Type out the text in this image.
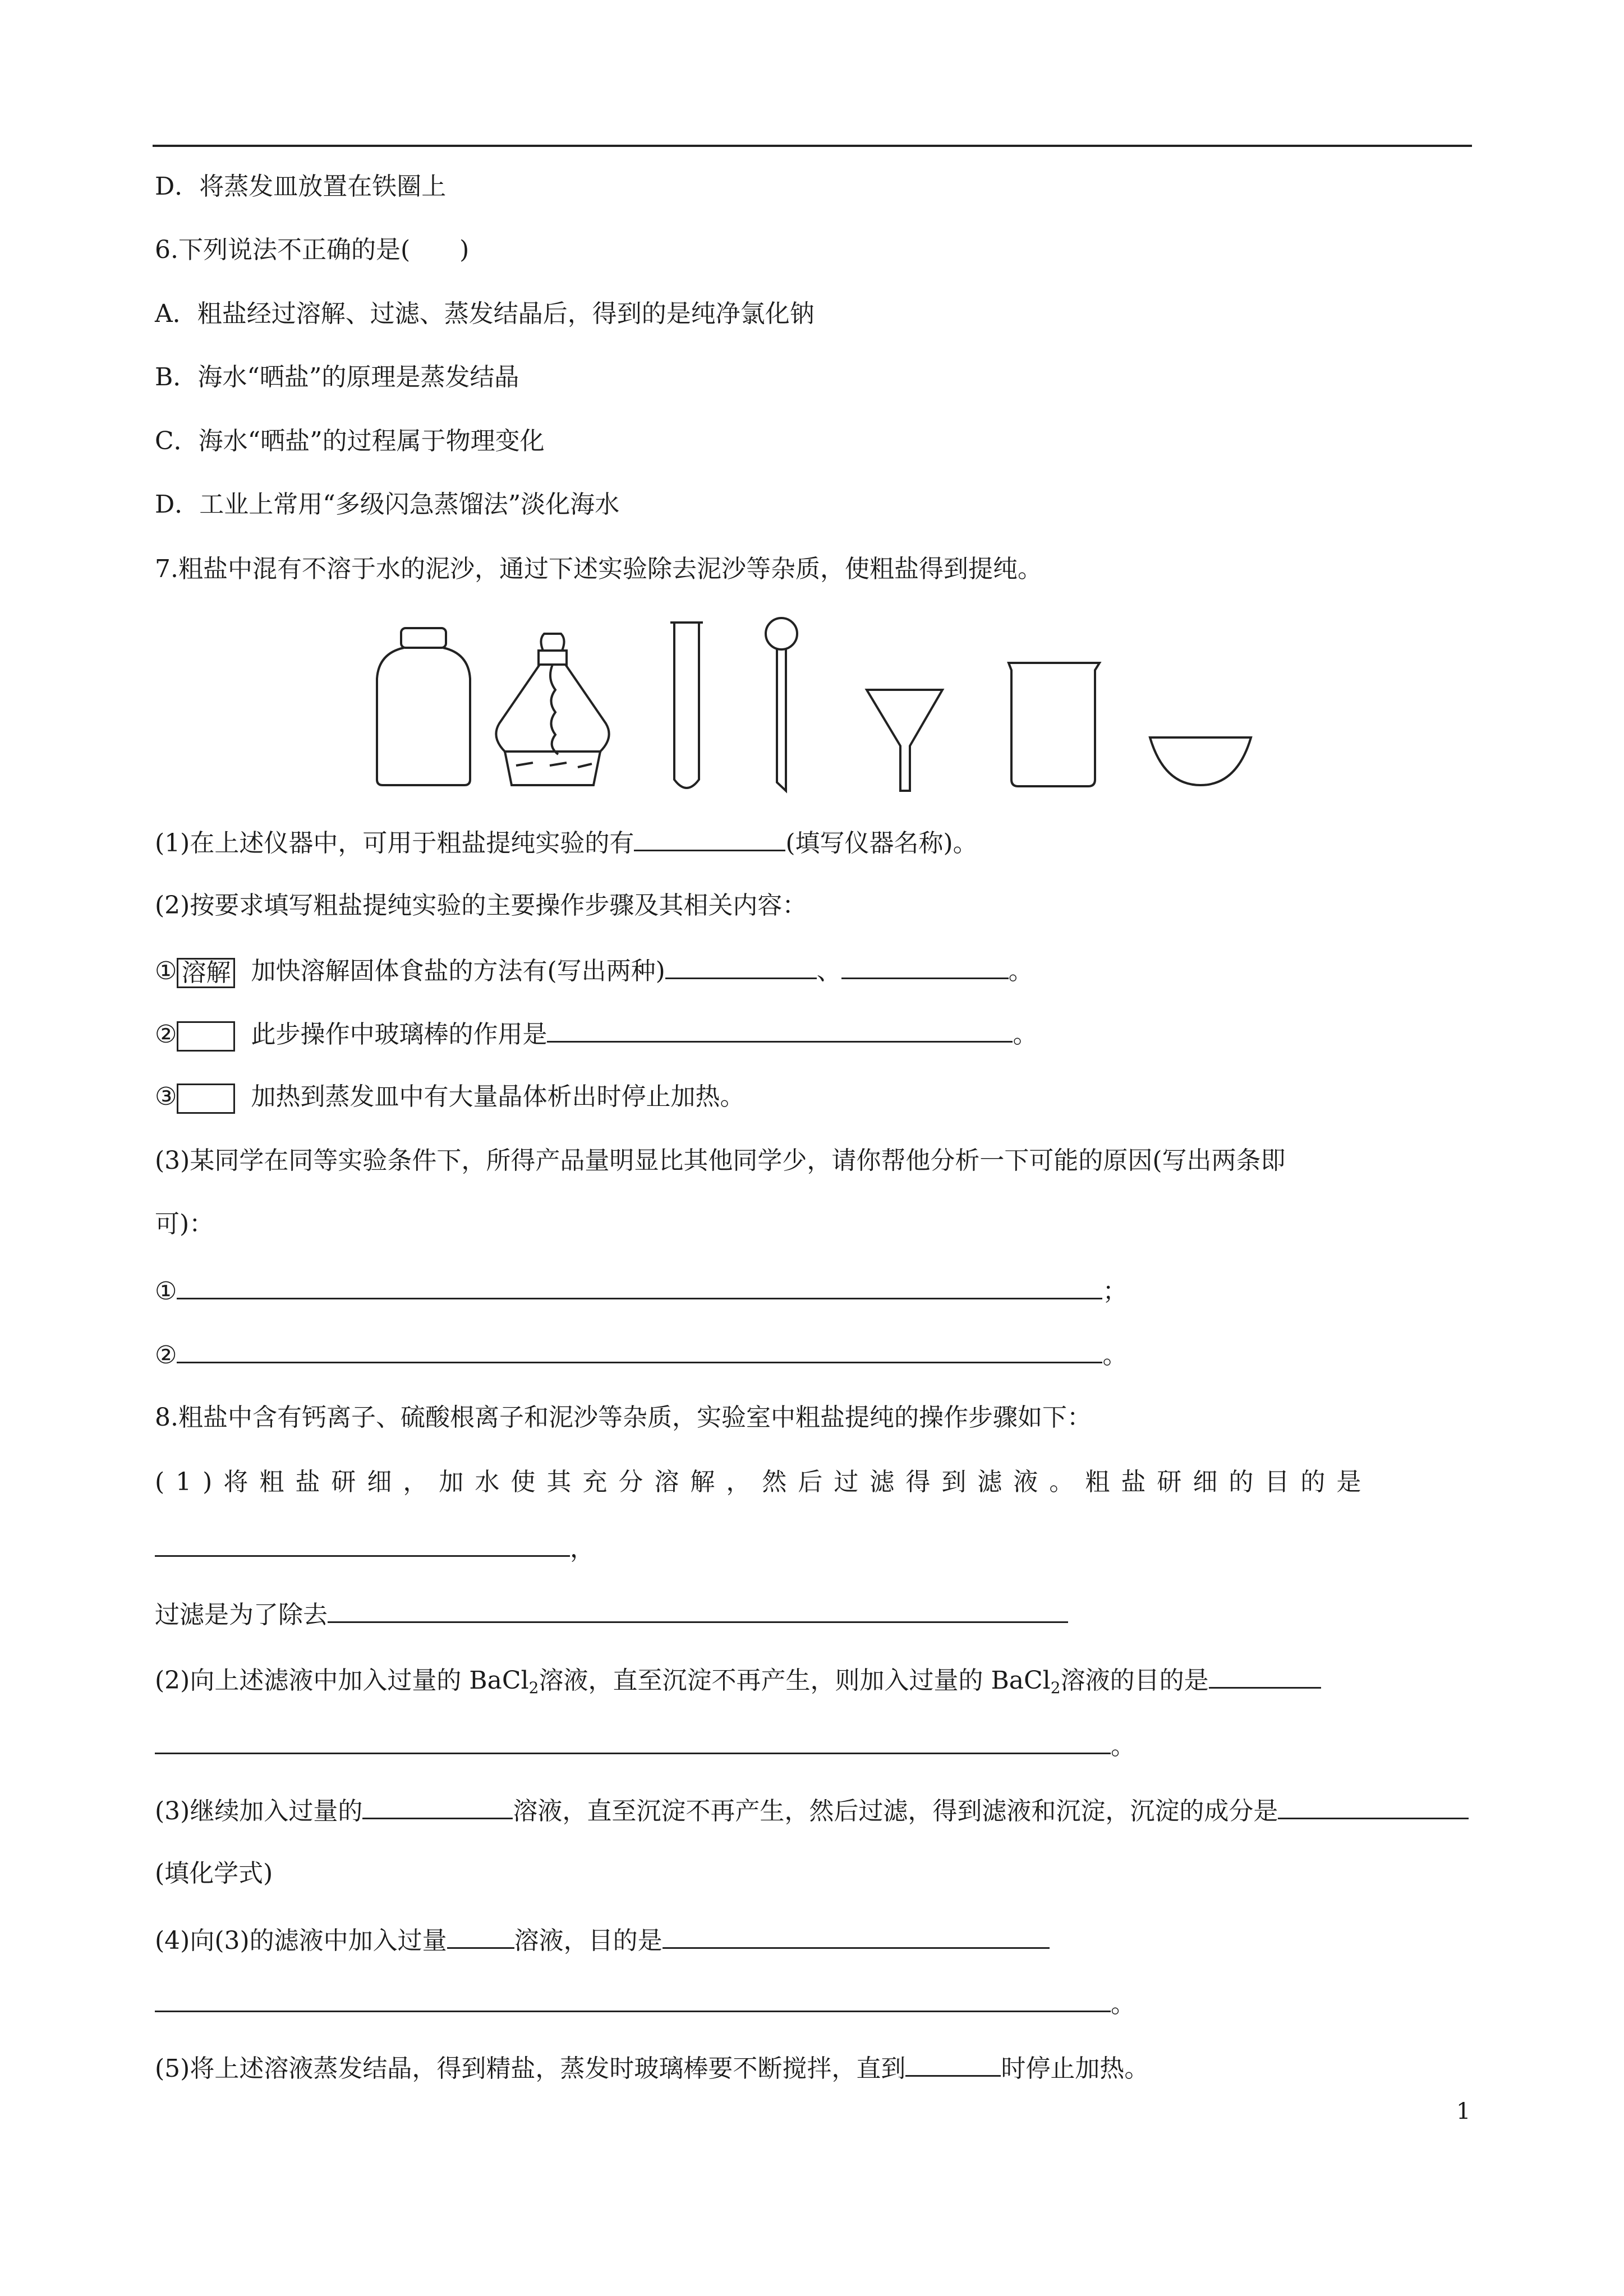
D．将蒸发皿放置在铁圈上
6.下列说法不正确的是(　　)
A．粗盐经过溶解、过滤、蒸发结晶后，得到的是纯净氯化钠
B．海水“晒盐”的原理是蒸发结晶
C．海水“晒盐”的过程属于物理变化
D．工业上常用“多级闪急蒸馏法”淡化海水
7.粗盐中混有不溶于水的泥沙，通过下述实验除去泥沙等杂质，使粗盐得到提纯。
(1)在上述仪器中，可用于粗盐提纯实验的有	(填写仪器名称)。
(2)按要求填写粗盐提纯实验的主要操作步骤及其相关内容：
① 溶解 加快溶解固体食盐的方法有(写出两种)	、	。
②	此步操作中玻璃棒的作用是	。
③	加热到蒸发皿中有大量晶体析出时停止加热。
(3)某同学在同等实验条件下，所得产品量明显比其他同学少，请你帮他分析一下可能的原因(写出两条即
可)：
①	；
②	。
8.粗盐中含有钙离子、硫酸根离子和泥沙等杂质，实验室中粗盐提纯的操作步骤如下：
(1)将粗盐研细，加水使其充分溶解，然后过滤得到滤液。粗盐研细的目的是
，
过滤是为了除去
(2)向上述滤液中加入过量的 BaCl2溶液，直至沉淀不再产生，则加入过量的 BaCl2溶液的目的是
。
(3)继续加入过量的	溶液，直至沉淀不再产生，然后过滤，得到滤液和沉淀，沉淀的成分是
(填化学式)
(4)向(3)的滤液中加入过量	溶液，目的是
。
(5)将上述溶液蒸发结晶，得到精盐，蒸发时玻璃棒要不断搅拌，直到	时停止加热。
1
